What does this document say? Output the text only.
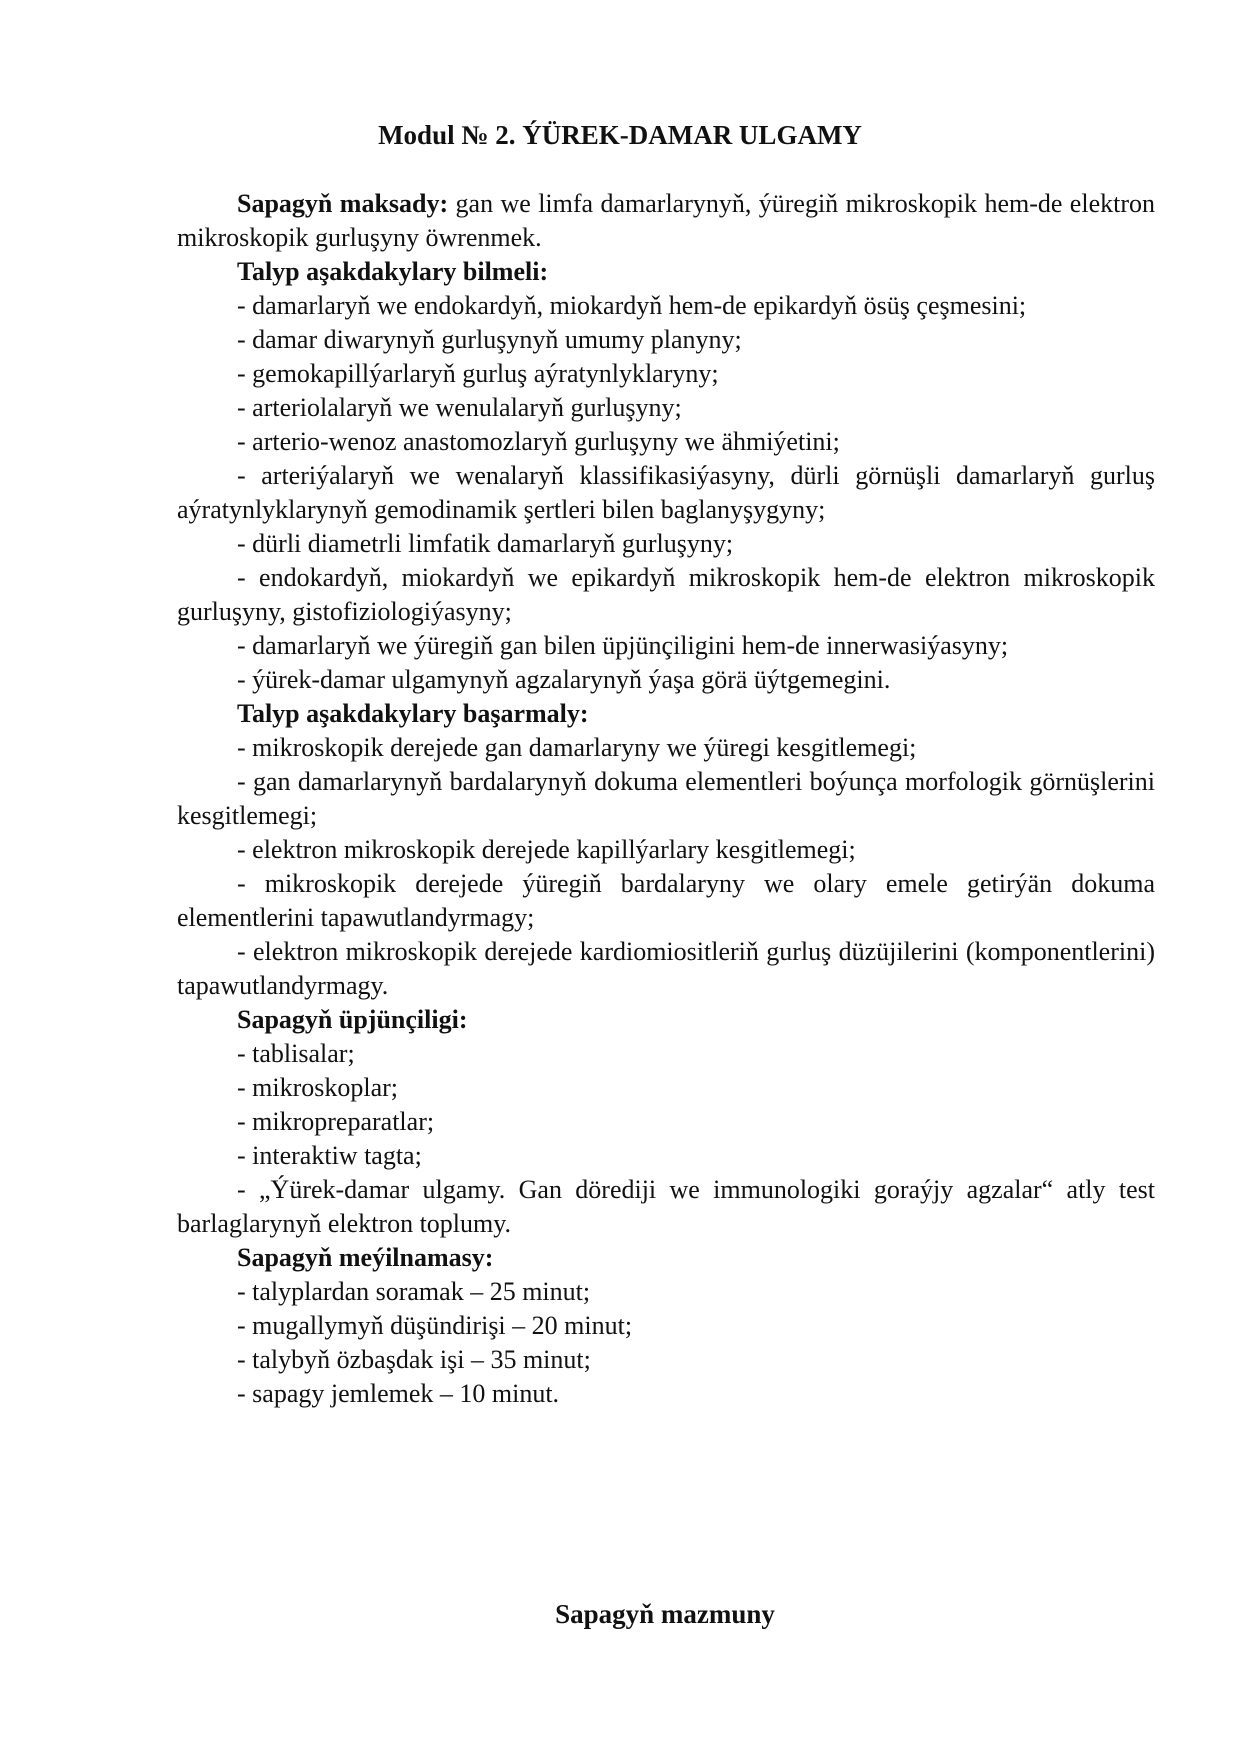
Modul № 2. ÝÜREK-DAMAR ULGAMY

Sapagyň maksady: gan we limfa damarlarynyň, ýüregiň mikroskopik hem-de elektron mikroskopik gurluşyny öwrenmek.

Talyp aşakdakylary bilmeli:

- damarlaryň we endokardyň, miokardyň hem-de epikardyň ösüş çeşmesini;

- damar diwarynyň gurluşynyň umumy planyny;

- gemokapillýarlaryň gurluş aýratynlyklaryny;

- arteriolalaryň we wenulalaryň gurluşyny;

- arterio-wenoz anastomozlaryň gurluşyny we ähmiýetini;

- arteriýalaryň we wenalaryň klassifikasiýasyny, dürli görnüşli damarlaryň gurluş aýratynlyklarynyň gemodinamik şertleri bilen baglanyşygyny;

- dürli diametrli limfatik damarlaryň gurluşyny;

- endokardyň, miokardyň we epikardyň mikroskopik hem-de elektron mikroskopik gurluşyny, gistofiziologiýasyny;

- damarlaryň we ýüregiň gan bilen üpjünçiligini hem-de innerwasiýasyny;

- ýürek-damar ulgamynyň agzalarynyň ýaşa görä üýtgemegini.

Talyp aşakdakylary başarmaly:

- mikroskopik derejede gan damarlaryny we ýüregi kesgitlemegi;

- gan damarlarynyň bardalarynyň dokuma elementleri boýunça morfologik görnüşlerini kesgitlemegi;

- elektron mikroskopik derejede kapillýarlary kesgitlemegi;

- mikroskopik derejede ýüregiň bardalaryny we olary emele getirýän dokuma elementlerini tapawutlandyrmagy;

- elektron mikroskopik derejede kardiomiositleriň gurluş düzüjilerini (komponentlerini) tapawutlandyrmagy.

Sapagyň üpjünçiligi:

- tablisalar;

- mikroskoplar;

- mikropreparatlar;

- interaktiw tagta;

- „Ýürek-damar ulgamy. Gan dörediji we immunologiki goraýjy agzalar“ atly test barlaglarynyň elektron toplumy.

Sapagyň meýilnamasy:

- talyplardan soramak – 25 minut;

- mugallymyň düşündirişi – 20 minut;

- talybyň özbaşdak işi – 35 minut;

- sapagy jemlemek – 10 minut.

Sapagyň mazmuny
